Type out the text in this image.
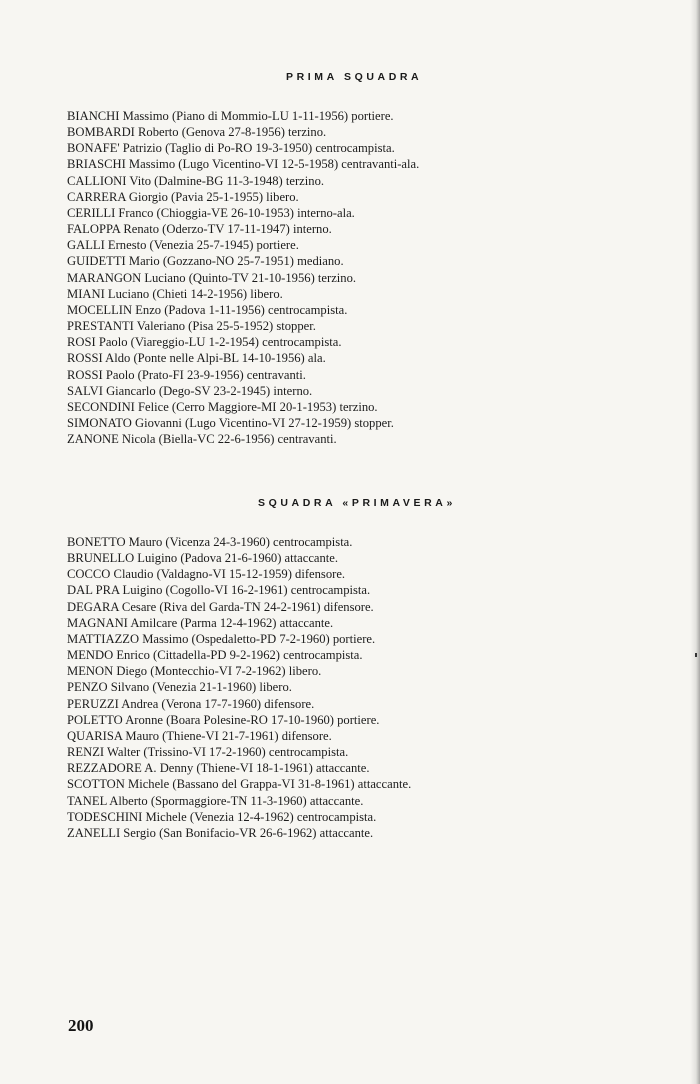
PRIMA SQUADRA
BIANCHI Massimo (Piano di Mommio-LU 1-11-1956) portiere.
BOMBARDI Roberto (Genova 27-8-1956) terzino.
BONAFE' Patrizio (Taglio di Po-RO 19-3-1950) centrocampista.
BRIASCHI Massimo (Lugo Vicentino-VI 12-5-1958) centravanti-ala.
CALLIONI Vito (Dalmine-BG 11-3-1948) terzino.
CARRERA Giorgio (Pavia 25-1-1955) libero.
CERILLI Franco (Chioggia-VE 26-10-1953) interno-ala.
FALOPPA Renato (Oderzo-TV 17-11-1947) interno.
GALLI Ernesto (Venezia 25-7-1945) portiere.
GUIDETTI Mario (Gozzano-NO 25-7-1951) mediano.
MARANGON Luciano (Quinto-TV 21-10-1956) terzino.
MIANI Luciano (Chieti 14-2-1956) libero.
MOCELLIN Enzo (Padova 1-11-1956) centrocampista.
PRESTANTI Valeriano (Pisa 25-5-1952) stopper.
ROSI Paolo (Viareggio-LU 1-2-1954) centrocampista.
ROSSI Aldo (Ponte nelle Alpi-BL 14-10-1956) ala.
ROSSI Paolo (Prato-FI 23-9-1956) centravanti.
SALVI Giancarlo (Dego-SV 23-2-1945) interno.
SECONDINI Felice (Cerro Maggiore-MI 20-1-1953) terzino.
SIMONATO Giovanni (Lugo Vicentino-VI 27-12-1959) stopper.
ZANONE Nicola (Biella-VC 22-6-1956) centravanti.
SQUADRA «PRIMAVERA»
BONETTO Mauro (Vicenza 24-3-1960) centrocampista.
BRUNELLO Luigino (Padova 21-6-1960) attaccante.
COCCO Claudio (Valdagno-VI 15-12-1959) difensore.
DAL PRA Luigino (Cogollo-VI 16-2-1961) centrocampista.
DEGARA Cesare (Riva del Garda-TN 24-2-1961) difensore.
MAGNANI Amilcare (Parma 12-4-1962) attaccante.
MATTIAZZO Massimo (Ospedaletto-PD 7-2-1960) portiere.
MENDO Enrico (Cittadella-PD 9-2-1962) centrocampista.
MENON Diego (Montecchio-VI 7-2-1962) libero.
PENZO Silvano (Venezia 21-1-1960) libero.
PERUZZI Andrea (Verona 17-7-1960) difensore.
POLETTO Aronne (Boara Polesine-RO 17-10-1960) portiere.
QUARISA Mauro (Thiene-VI 21-7-1961) difensore.
RENZI Walter (Trissino-VI 17-2-1960) centrocampista.
REZZADORE A. Denny (Thiene-VI 18-1-1961) attaccante.
SCOTTON Michele (Bassano del Grappa-VI 31-8-1961) attaccante.
TANEL Alberto (Spormaggiore-TN 11-3-1960) attaccante.
TODESCHINI Michele (Venezia 12-4-1962) centrocampista.
ZANELLI Sergio (San Bonifacio-VR 26-6-1962) attaccante.
200
